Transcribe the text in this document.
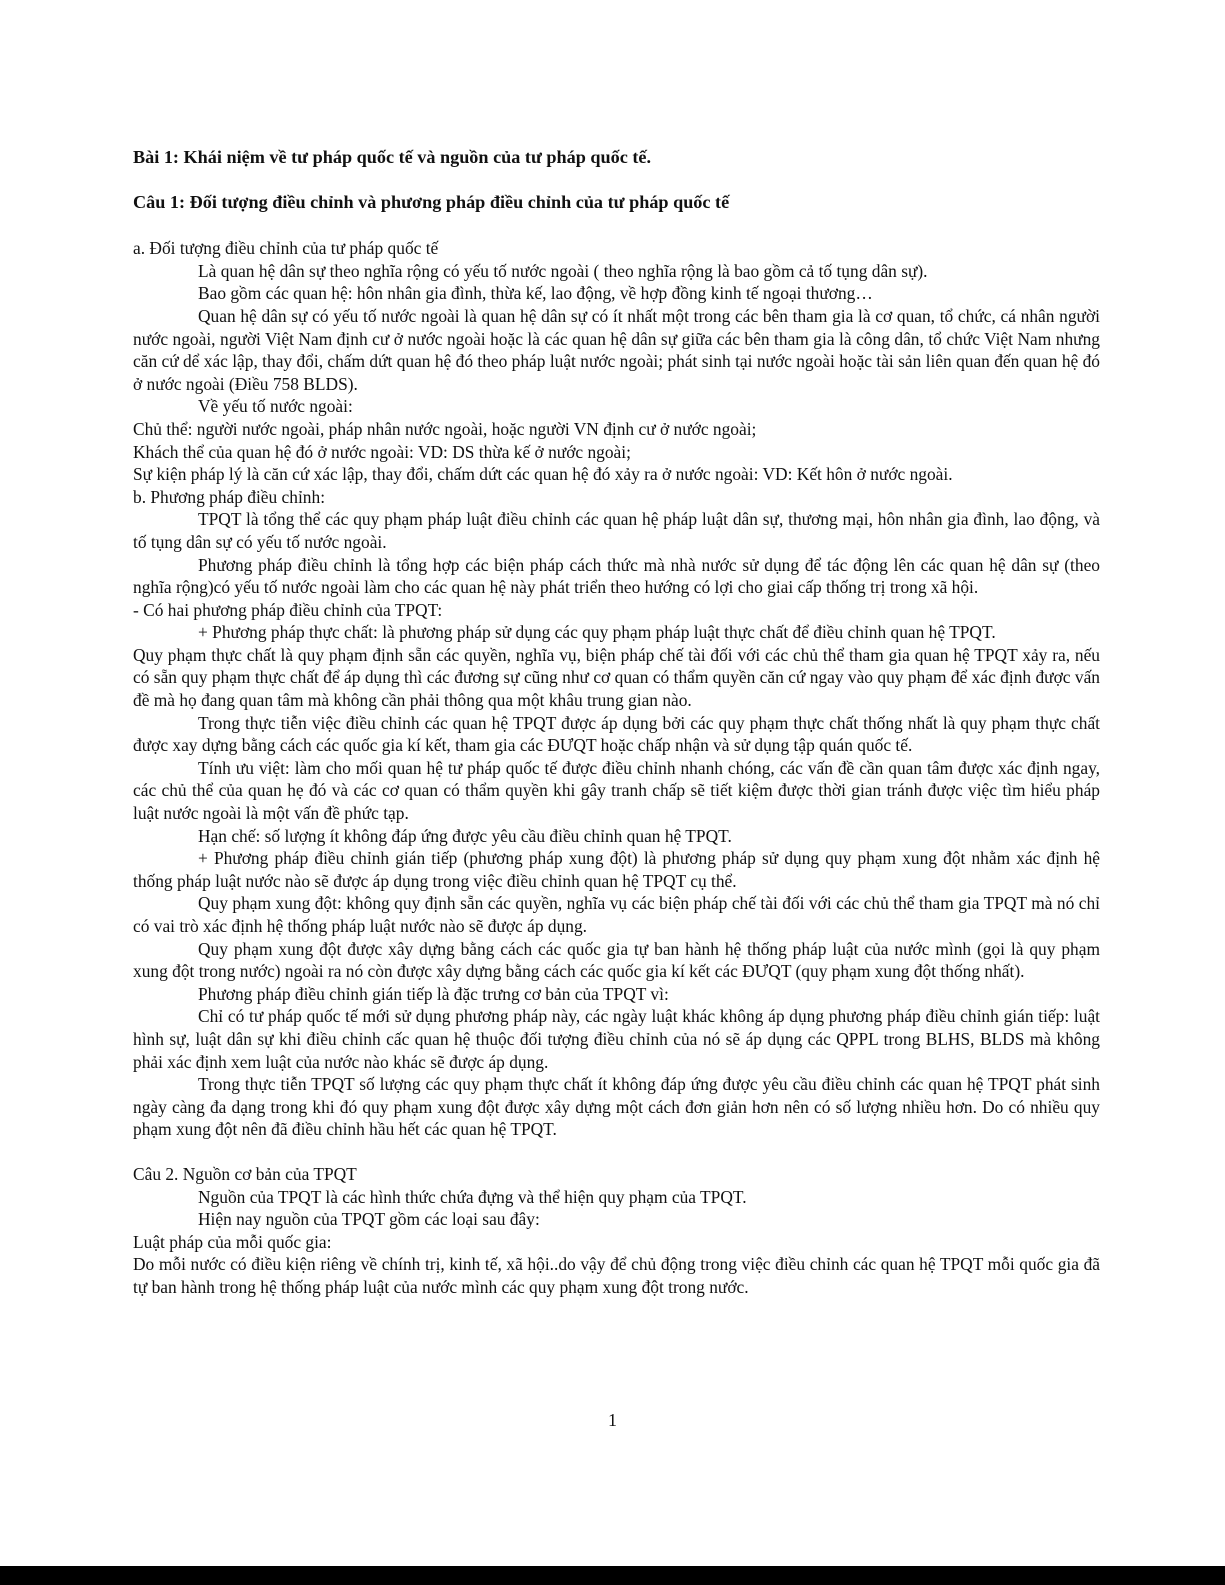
Bài 1: Khái niệm về tư pháp quốc tế và nguồn của tư pháp quốc tế.
Câu 1: Đối tượng điều chỉnh và phương pháp điều chỉnh của tư pháp quốc tế

a. Đối tượng điều chỉnh của tư pháp quốc tế

Là quan hệ dân sự theo nghĩa rộng có yếu tố nước ngoài ( theo nghĩa rộng là bao gồm cả tố tụng dân sự).

Bao gồm các quan hệ: hôn nhân gia đình, thừa kế, lao động, về hợp đồng kinh tế ngoại thương…

Quan hệ dân sự có yếu tố nước ngoài là quan hệ dân sự có ít nhất một trong các bên tham gia là cơ quan, tổ chức, cá nhân người nước ngoài, người Việt Nam định cư ở nước ngoài hoặc là các quan hệ dân sự giữa các bên tham gia là công dân, tổ chức Việt Nam nhưng căn cứ dể xác lập, thay đổi, chấm dứt quan hệ đó theo pháp luật nước ngoài; phát sinh tại nước ngoài hoặc tài sản liên quan đến quan hệ đó ở nước ngoài (Điều 758 BLDS).

Về yếu tố nước ngoài:

Chủ thể: người nước ngoài, pháp nhân nước ngoài, hoặc người VN định cư ở nước ngoài;

Khách thể của quan hệ đó ở nước ngoài: VD: DS thừa kế ở nước ngoài;

Sự kiện pháp lý là căn cứ xác lập, thay đổi, chấm dứt các quan hệ đó xảy ra ở nước ngoài: VD: Kết hôn ở nước ngoài.

b. Phương pháp điều chỉnh:

TPQT là tổng thể các quy phạm pháp luật điều chỉnh các quan hệ pháp luật dân sự, thương mại, hôn nhân gia đình, lao động, và tố tụng dân sự có yếu tố nước ngoài.

Phương pháp điều chỉnh là tổng hợp các biện pháp cách thức mà nhà nước sử dụng để tác động lên các quan hệ dân sự (theo nghĩa rộng)có yếu tố nước ngoài làm cho các quan hệ này phát triển theo hướng có lợi cho giai cấp thống trị trong xã hội.

- Có hai phương pháp điều chỉnh của TPQT:

+ Phương pháp thực chất: là phương pháp sử dụng các quy phạm pháp luật thực chất để điều chỉnh quan hệ TPQT.

Quy phạm thực chất là quy phạm định sẵn các quyền, nghĩa vụ, biện pháp chế tài đối với các chủ thể tham gia quan hệ TPQT xảy ra, nếu có sẵn quy phạm thực chất để áp dụng thì các đương sự cũng như cơ quan có thẩm quyền căn cứ ngay vào quy phạm để xác định được vấn đề mà họ đang quan tâm mà không cần phải thông qua một khâu trung gian nào.

Trong thực tiễn việc điều chỉnh các quan hệ TPQT được áp dụng bởi các quy phạm thực chất thống nhất là quy phạm thực chất được xay dựng bằng cách các quốc gia kí kết, tham gia các ĐƯQT hoặc chấp nhận và sử dụng tập quán quốc tế.

Tính ưu việt: làm cho mối quan hệ tư pháp quốc tế được điều chỉnh nhanh chóng, các vấn đề cần quan tâm được xác định ngay, các chủ thể của quan hẹ đó và các cơ quan có thẩm quyền khi gây tranh chấp sẽ tiết kiệm được thời gian tránh được việc tìm hiểu pháp luật nước ngoài là một vấn đề phức tạp.

Hạn chế: số lượng ít không đáp ứng được yêu cầu điều chỉnh quan hệ TPQT.

+ Phương pháp điều chỉnh gián tiếp (phương pháp xung đột) là phương pháp sử dụng quy phạm xung đột nhằm xác định hệ thống pháp luật nước nào sẽ được áp dụng trong việc điều chỉnh quan hệ TPQT cụ thể.

Quy phạm xung đột: không quy định sẵn các quyền, nghĩa vụ các biện pháp chế tài đối với các chủ thể tham gia TPQT mà nó chỉ có vai trò xác định hệ thống pháp luật nước nào sẽ được áp dụng.

Quy phạm xung đột được xây dựng bằng cách các quốc gia tự ban hành hệ thống pháp luật của nước mình (gọi là quy phạm xung đột trong nước) ngoài ra nó còn được xây dựng bằng cách các quốc gia kí kết các ĐƯQT (quy phạm xung đột thống nhất).

Phương pháp điều chỉnh gián tiếp là đặc trưng cơ bản của TPQT vì:

Chỉ có tư pháp quốc tế mới sử dụng phương pháp này, các ngày luật khác không áp dụng phương pháp điều chỉnh gián tiếp: luật hình sự, luật dân sự khi điều chỉnh cấc quan hệ thuộc đối tượng điều chỉnh của nó sẽ áp dụng các QPPL trong BLHS, BLDS mà không phải xác định xem luật của nước nào khác sẽ được áp dụng.

Trong thực tiễn TPQT số lượng các quy phạm thực chất ít không đáp ứng được yêu cầu điều chỉnh các quan hệ TPQT phát sinh ngày càng đa dạng trong khi đó quy phạm xung đột được xây dựng một cách đơn giản hơn nên có số lượng nhiều hơn. Do có nhiều quy phạm xung đột nên đã điều chỉnh hầu hết các quan hệ TPQT.

Câu 2. Nguồn cơ bản của TPQT

Nguồn của TPQT là các hình thức chứa đựng và thể hiện quy phạm của TPQT.

Hiện nay nguồn của TPQT gồm các loại sau đây:

Luật pháp của mỗi quốc gia:

Do mỗi nước có điều kiện riêng về chính trị, kinh tế, xã hội..do vậy để chủ động trong việc điều chỉnh các quan hệ TPQT mỗi quốc gia đã tự ban hành trong hệ thống pháp luật của nước mình các quy phạm xung đột trong nước.

1
